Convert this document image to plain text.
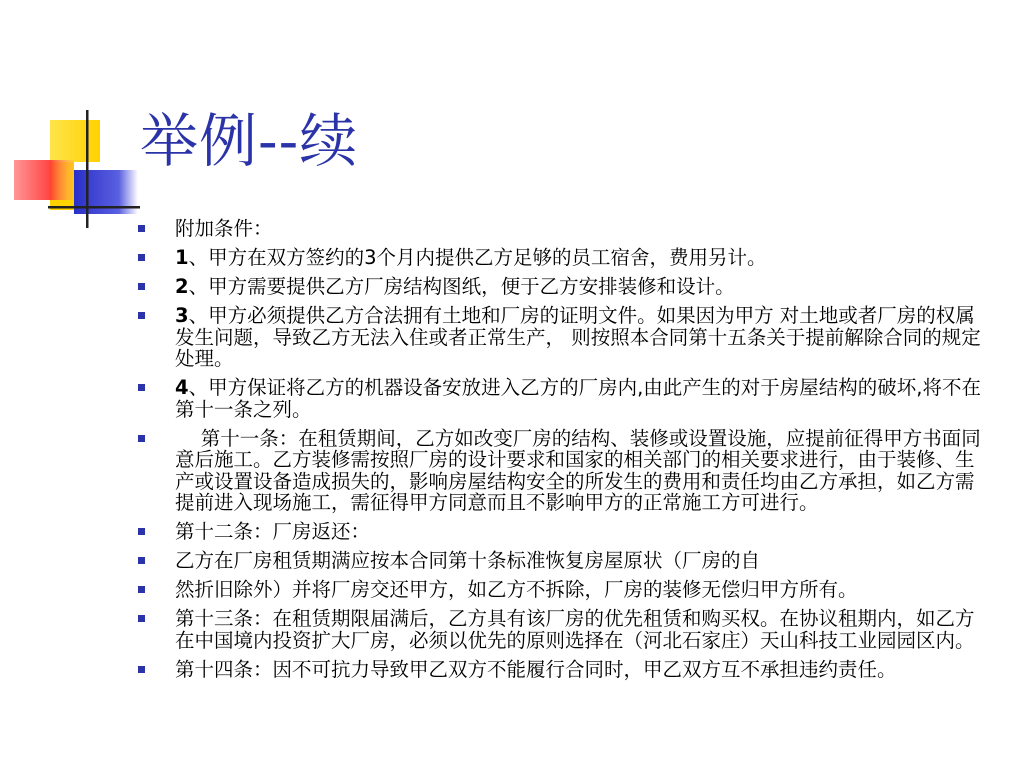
举例--续
附加条件：
1、甲方在双方签约的3个月内提供乙方足够的员工宿舍，费用另计。
2、甲方需要提供乙方厂房结构图纸，便于乙方安排装修和设计。
3、甲方必须提供乙方合法拥有土地和厂房的证明文件。如果因为甲方 对土地或者厂房的权属发生问题，导致乙方无法入住或者正常生产， 则按照本合同第十五条关于提前解除合同的规定处理。
4、甲方保证将乙方的机器设备安放进入乙方的厂房内,由此产生的对于房屋结构的破坏,将不在第十一条之列。
　 第十一条：在租赁期间，乙方如改变厂房的结构、装修或设置设施，应提前征得甲方书面同意后施工。乙方装修需按照厂房的设计要求和国家的相关部门的相关要求进行，由于装修、生产或设置设备造成损失的，影响房屋结构安全的所发生的费用和责任均由乙方承担，如乙方需提前进入现场施工，需征得甲方同意而且不影响甲方的正常施工方可进行。
第十二条：厂房返还：
乙方在厂房租赁期满应按本合同第十条标准恢复房屋原状（厂房的自
然折旧除外）并将厂房交还甲方，如乙方不拆除，厂房的装修无偿归甲方所有。
第十三条：在租赁期限届满后，乙方具有该厂房的优先租赁和购买权。在协议租期内，如乙方在中国境内投资扩大厂房，必须以优先的原则选择在（河北石家庄）天山科技工业园园区内。
第十四条：因不可抗力导致甲乙双方不能履行合同时，甲乙双方互不承担违约责任。
